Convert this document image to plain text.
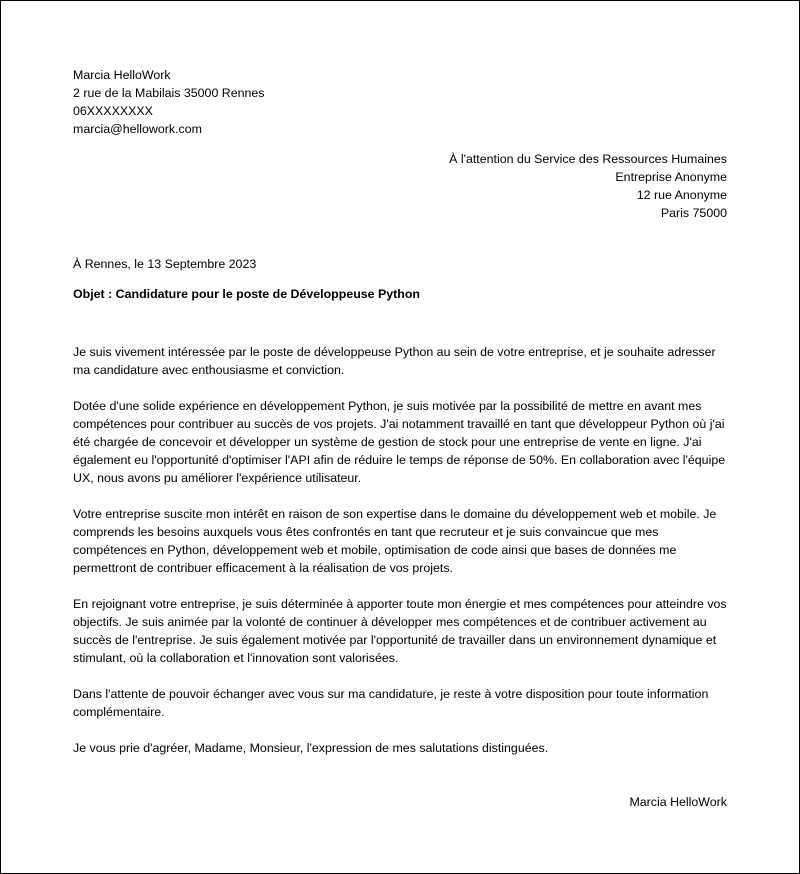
Marcia HelloWork
2 rue de la Mabilais 35000 Rennes
06XXXXXXXX
marcia@hellowork.com
À l'attention du Service des Ressources Humaines
Entreprise Anonyme
12 rue Anonyme
Paris 75000
À Rennes, le 13 Septembre 2023
Objet : Candidature pour le poste de Développeuse Python

Je suis vivement intéressée par le poste de développeuse Python au sein de votre entreprise, et je souhaite adresser ma candidature avec enthousiasme et conviction.

Dotée d'une solide expérience en développement Python, je suis motivée par la possibilité de mettre en avant mes compétences pour contribuer au succès de vos projets. J'ai notamment travaillé en tant que développeur Python où j'ai été chargée de concevoir et développer un système de gestion de stock pour une entreprise de vente en ligne. J'ai également eu l'opportunité d'optimiser l'API afin de réduire le temps de réponse de 50%. En collaboration avec l'équipe UX, nous avons pu améliorer l'expérience utilisateur.

Votre entreprise suscite mon intérêt en raison de son expertise dans le domaine du développement web et mobile. Je comprends les besoins auxquels vous êtes confrontés en tant que recruteur et je suis convaincue que mes compétences en Python, développement web et mobile, optimisation de code ainsi que bases de données me permettront de contribuer efficacement à la réalisation de vos projets.

En rejoignant votre entreprise, je suis déterminée à apporter toute mon énergie et mes compétences pour atteindre vos objectifs. Je suis animée par la volonté de continuer à développer mes compétences et de contribuer activement au succès de l'entreprise. Je suis également motivée par l'opportunité de travailler dans un environnement dynamique et stimulant, où la collaboration et l'innovation sont valorisées.

Dans l'attente de pouvoir échanger avec vous sur ma candidature, je reste à votre disposition pour toute information complémentaire.

Je vous prie d'agréer, Madame, Monsieur, l'expression de mes salutations distinguées.

Marcia HelloWork
